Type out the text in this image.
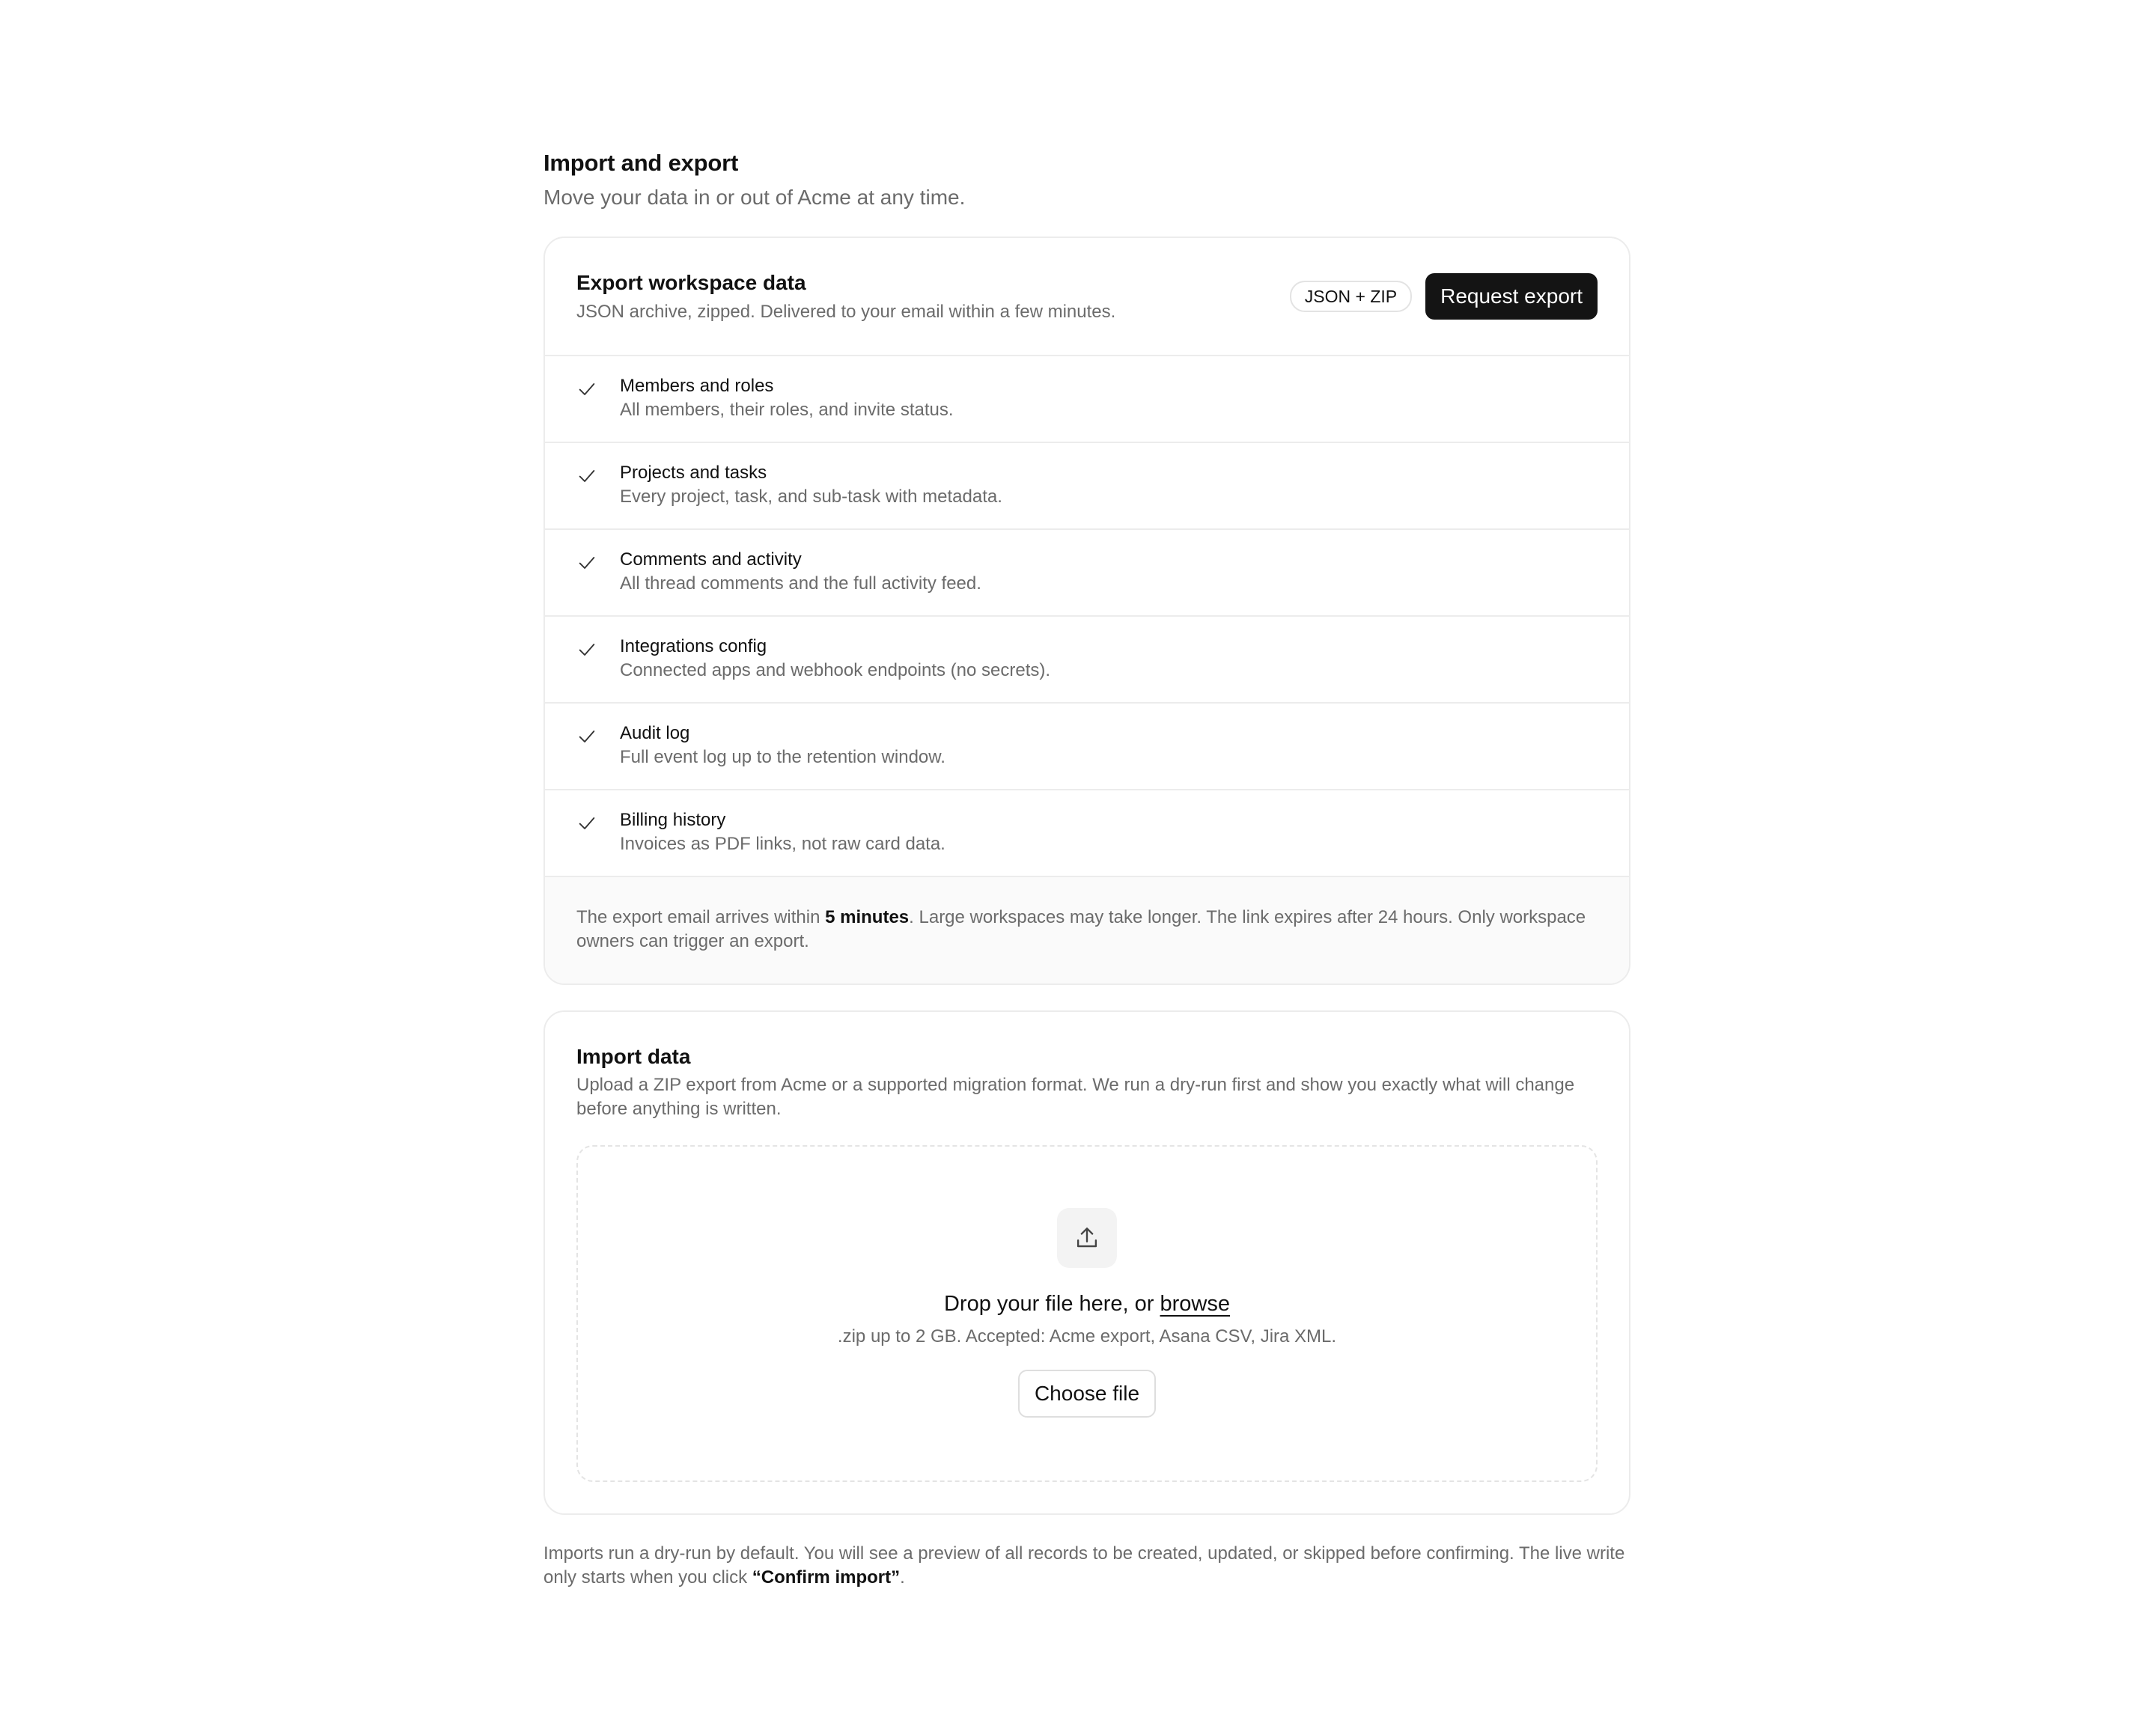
Import and export

Move your data in or out of Acme at any time.

Export workspace data

JSON archive, zipped. Delivered to your email within a few minutes.

JSON + ZIP	Request export
Members and roles
All members, their roles, and invite status.
Projects and tasks
Every project, task, and sub-task with metadata.
Comments and activity
All thread comments and the full activity feed.
Integrations config
Connected apps and webhook endpoints (no secrets).
Audit log
Full event log up to the retention window.
Billing history
Invoices as PDF links, not raw card data.

The export email arrives within 5 minutes. Large workspaces may take longer. The link expires after 24 hours. Only workspace owners can trigger an export.

Import data

Upload a ZIP export from Acme or a supported migration format. We run a dry-run first and show you exactly what will change before anything is written.

Drop your file here, or browse

.zip up to 2 GB. Accepted: Acme export, Asana CSV, Jira XML.

Choose file

Imports run a dry-run by default. You will see a preview of all records to be created, updated, or skipped before confirming. The live write only starts when you click “Confirm import”.
